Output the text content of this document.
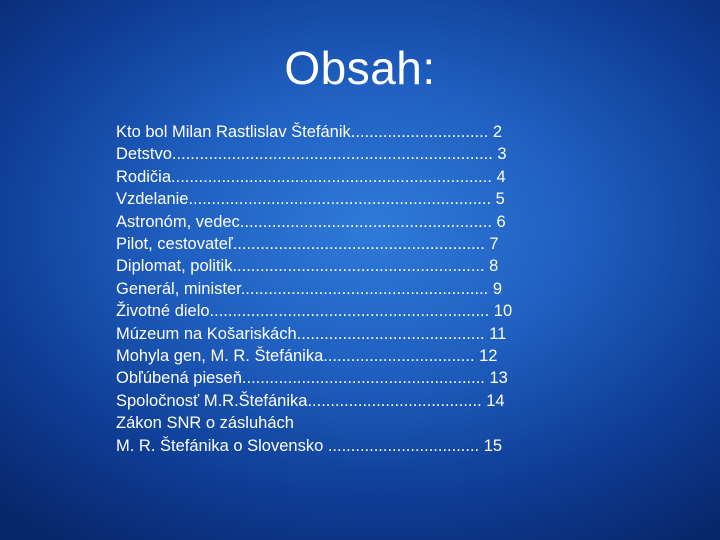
Obsah:
Kto bol Milan Rastlislav Štefánik.............................. 2
Detstvo...................................................................... 3
Rodičia...................................................................... 4
Vzdelanie.................................................................. 5
Astronóm, vedec....................................................... 6
Pilot, cestovateľ....................................................... 7
Diplomat, politik....................................................... 8
Generál, minister...................................................... 9
Životné dielo............................................................. 10
Múzeum na Košariskách......................................... 11
Mohyla gen, M. R. Štefánika................................. 12
Obľúbená pieseň..................................................... 13
Spoločnosť M.R.Štefánika...................................... 14
Zákon SNR o zásluhách
M. R. Štefánika o Slovensko ................................. 15
